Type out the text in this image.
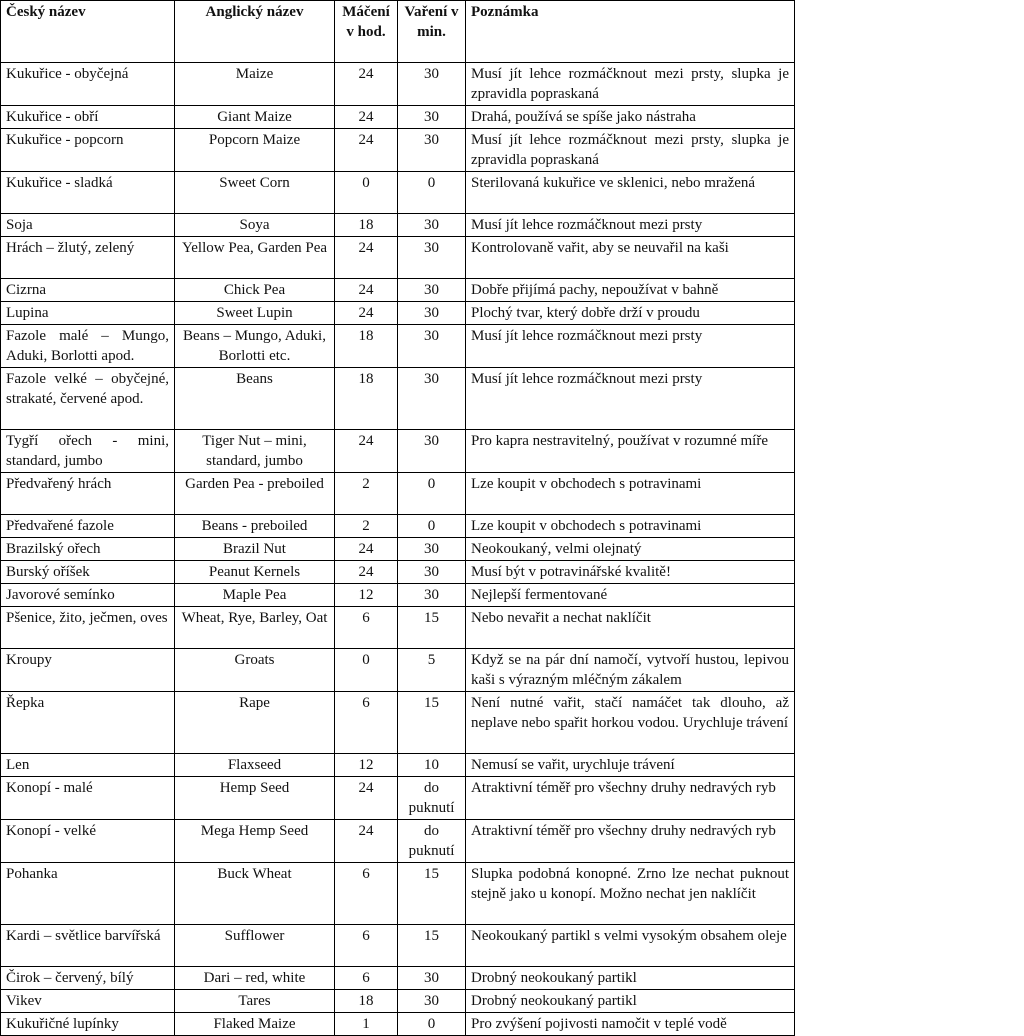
Český název	Anglický název	Máčení v hod.	Vaření v min.	Poznámka
Kukuřice - obyčejná	Maize	24	30	Musí jít lehce rozmáčknout mezi prsty, slupka je zpravidla popraskaná
Kukuřice - obří	Giant Maize	24	30	Drahá, používá se spíše jako nástraha
Kukuřice - popcorn	Popcorn Maize	24	30	Musí jít lehce rozmáčknout mezi prsty, slupka je zpravidla popraskaná
Kukuřice - sladká	Sweet Corn	0	0	Sterilovaná kukuřice ve sklenici, nebo mražená
Soja	Soya	18	30	Musí jít lehce rozmáčknout mezi prsty
Hrách – žlutý, zelený	Yellow Pea, Garden Pea	24	30	Kontrolovaně vařit, aby se neuvařil na kaši
Cizrna	Chick Pea	24	30	Dobře přijímá pachy, nepoužívat v bahně
Lupina	Sweet Lupin	24	30	Plochý tvar, který dobře drží v proudu
Fazole malé – Mungo, Aduki, Borlotti apod.	Beans – Mungo, Aduki, Borlotti etc.	18	30	Musí jít lehce rozmáčknout mezi prsty
Fazole velké – obyčejné, strakaté, červené apod.	Beans	18	30	Musí jít lehce rozmáčknout mezi prsty
Tygří ořech - mini, standard, jumbo	Tiger Nut – mini, standard, jumbo	24	30	Pro kapra nestravitelný, používat v rozumné míře
Předvařený hrách	Garden Pea - preboiled	2	0	Lze koupit v obchodech s potravinami
Předvařené fazole	Beans - preboiled	2	0	Lze koupit v obchodech s potravinami
Brazilský ořech	Brazil Nut	24	30	Neokoukaný, velmi olejnatý
Burský oříšek	Peanut Kernels	24	30	Musí být v potravinářské kvalitě!
Javorové semínko	Maple Pea	12	30	Nejlepší fermentované
Pšenice, žito, ječmen, oves	Wheat, Rye, Barley, Oat	6	15	Nebo nevařit a nechat naklíčit
Kroupy	Groats	0	5	Když se na pár dní namočí, vytvoří hustou, lepivou kaši s výrazným mléčným zákalem
Řepka	Rape	6	15	Není nutné vařit, stačí namáčet tak dlouho, až neplave nebo spařit horkou vodou. Urychluje trávení
Len	Flaxseed	12	10	Nemusí se vařit, urychluje trávení
Konopí - malé	Hemp Seed	24	do puknutí	Atraktivní téměř pro všechny druhy nedravých ryb
Konopí - velké	Mega Hemp Seed	24	do puknutí	Atraktivní téměř pro všechny druhy nedravých ryb
Pohanka	Buck Wheat	6	15	Slupka podobná konopné. Zrno lze nechat puknout stejně jako u konopí. Možno nechat jen naklíčit
Kardi – světlice barvířská	Sufflower	6	15	Neokoukaný partikl s velmi vysokým obsahem oleje
Čirok – červený, bílý	Dari – red, white	6	30	Drobný neokoukaný partikl
Vikev	Tares	18	30	Drobný neokoukaný partikl
Kukuřičné lupínky	Flaked Maize	1	0	Pro zvýšení pojivosti namočit v teplé vodě
